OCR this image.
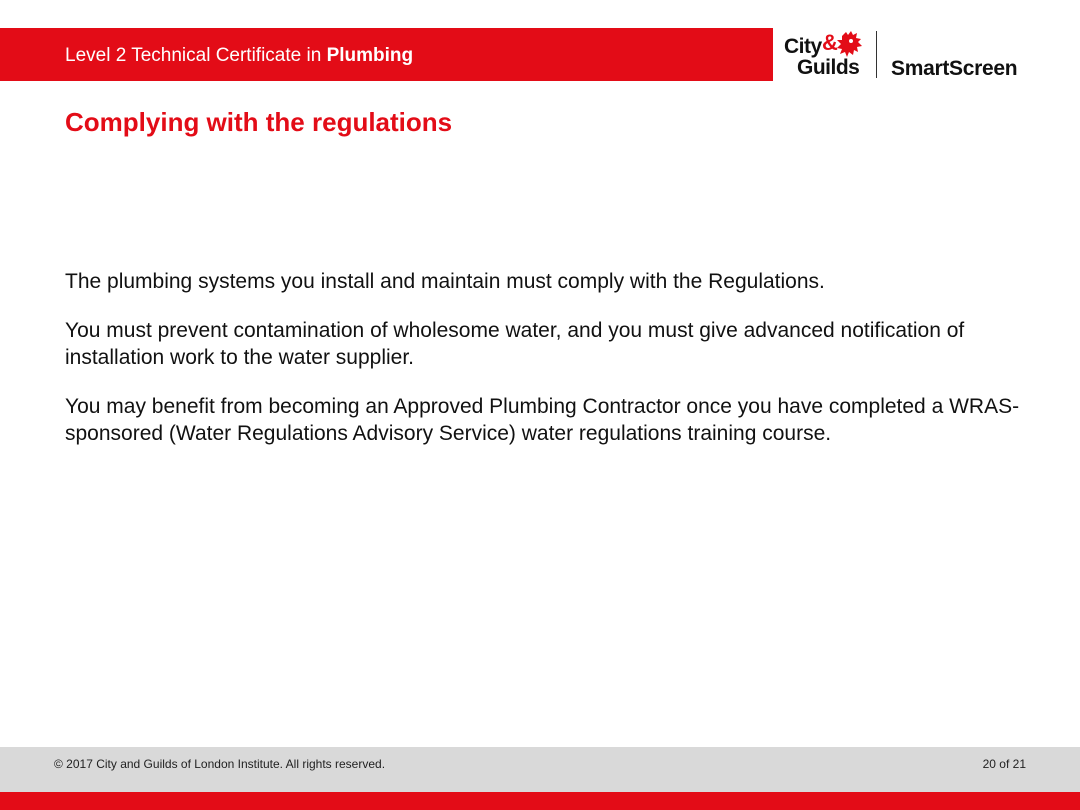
Level 2 Technical Certificate in Plumbing	City &
Guilds SmartScreen
Complying with the regulations

The plumbing systems you install and maintain must comply with the Regulations.

You must prevent contamination of wholesome water, and you must give advanced notification of installation work to the water supplier.

You may benefit from becoming an Approved Plumbing Contractor once you have completed a WRAS-sponsored (Water Regulations Advisory Service) water regulations training course.

© 2017 City and Guilds of London Institute. All rights reserved.	20 of 21
